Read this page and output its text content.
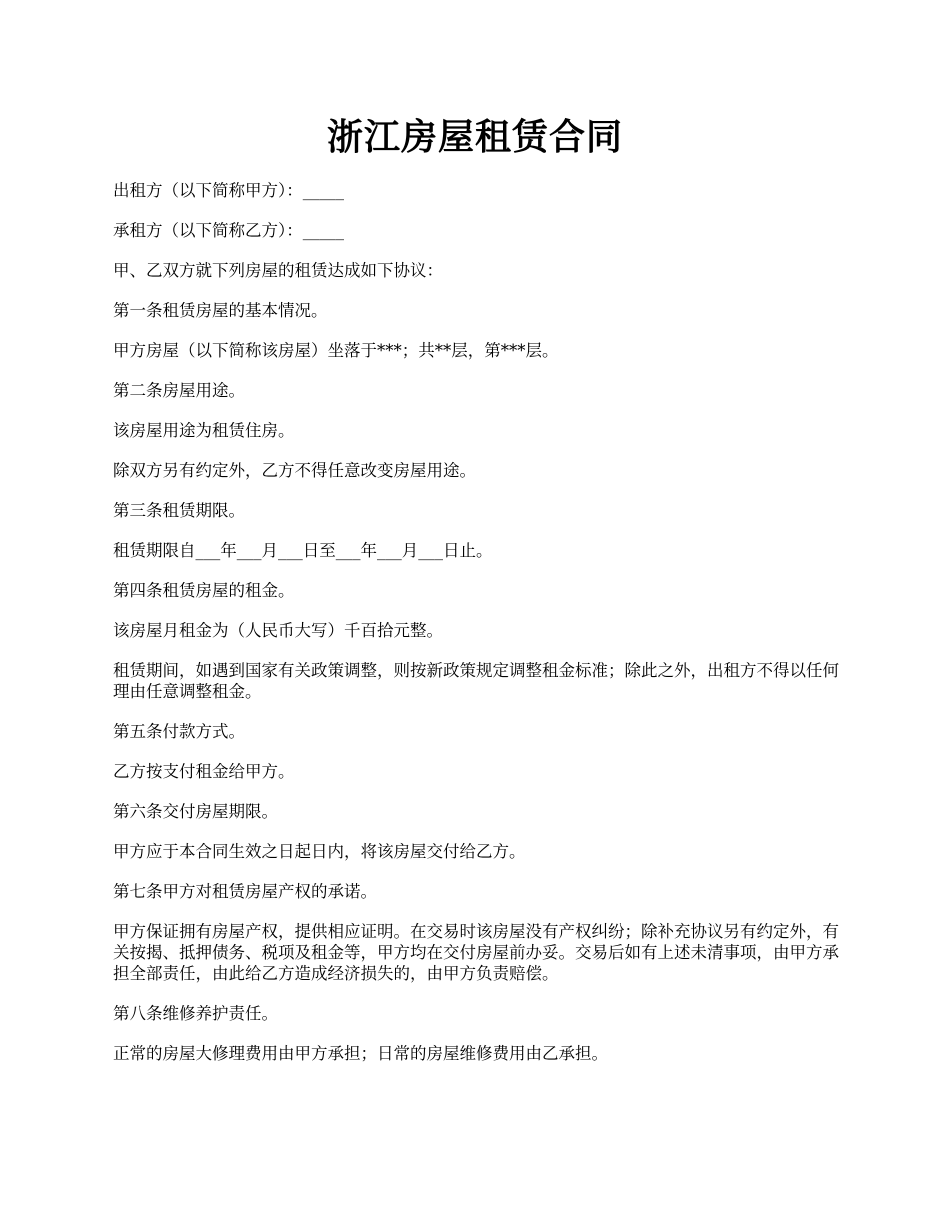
浙江房屋租赁合同

出租方（以下简称甲方）：_____

承租方（以下简称乙方）：_____

甲、乙双方就下列房屋的租赁达成如下协议：

第一条租赁房屋的基本情况。

甲方房屋（以下简称该房屋）坐落于***；共**层，第***层。

第二条房屋用途。

该房屋用途为租赁住房。

除双方另有约定外，乙方不得任意改变房屋用途。

第三条租赁期限。

租赁期限自___年___月___日至___年___月___日止。

第四条租赁房屋的租金。

该房屋月租金为（人民币大写）千百拾元整。

租赁期间，如遇到国家有关政策调整，则按新政策规定调整租金标准；除此之外，出租方不得以任何理由任意调整租金。

第五条付款方式。

乙方按支付租金给甲方。

第六条交付房屋期限。

甲方应于本合同生效之日起日内，将该房屋交付给乙方。

第七条甲方对租赁房屋产权的承诺。

甲方保证拥有房屋产权，提供相应证明。在交易时该房屋没有产权纠纷；除补充协议另有约定外，有关按揭、抵押债务、税项及租金等，甲方均在交付房屋前办妥。交易后如有上述未清事项，由甲方承担全部责任，由此给乙方造成经济损失的，由甲方负责赔偿。

第八条维修养护责任。

正常的房屋大修理费用由甲方承担；日常的房屋维修费用由乙承担。
